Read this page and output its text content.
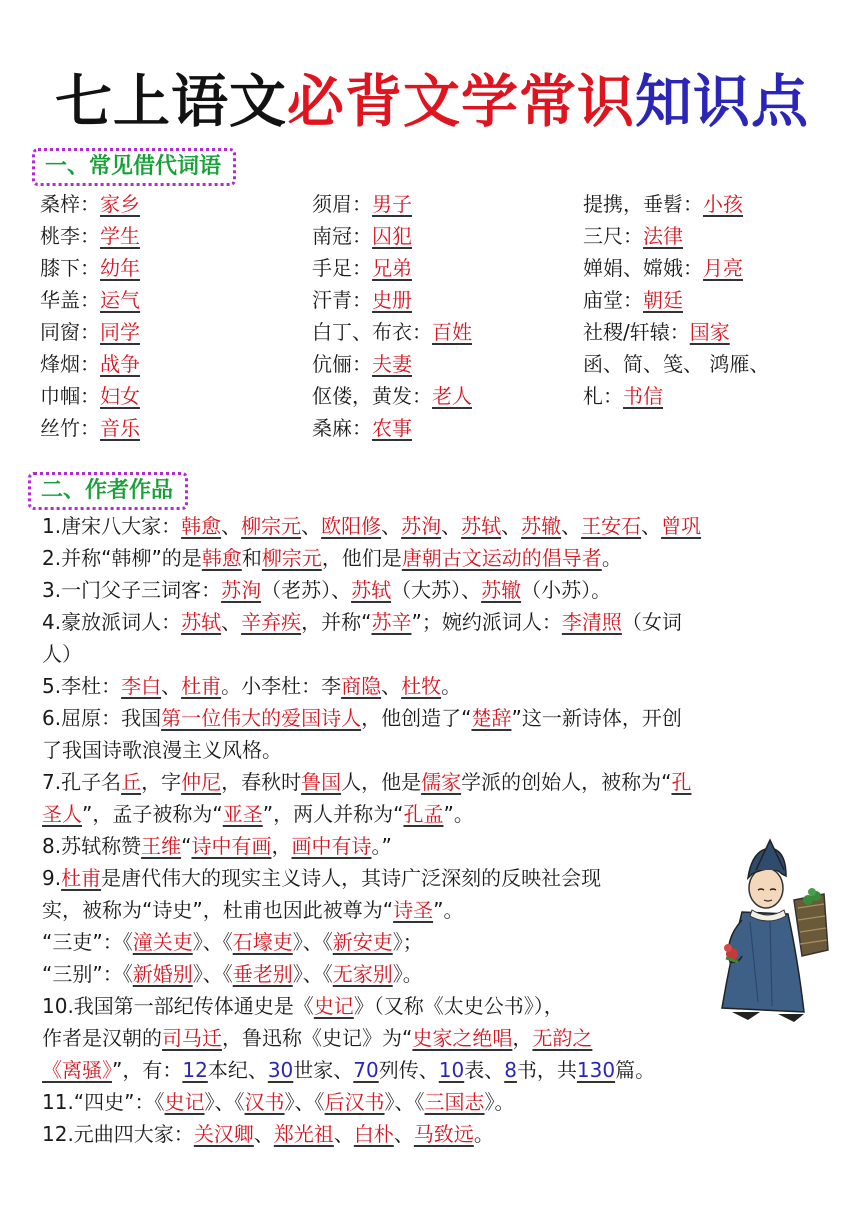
七上语文必背文学常识知识点
一、常见借代词语
二、作者作品
桑梓：家乡
桃李：学生
膝下：幼年
华盖：运气
同窗：同学
烽烟：战争
巾帼：妇女
丝竹：音乐
须眉：男子
南冠：囚犯
手足：兄弟
汗青：史册
白丁、布衣：百姓
伉俪：夫妻
伛偻，黄发：老人
桑麻：农事
提携，垂髫：小孩
三尺：法律
婵娟、嫦娥：月亮
庙堂：朝廷
社稷/轩辕：国家
函、简、笺、 鸿雁、
札：书信
1.唐宋八大家：韩愈、柳宗元、欧阳修、苏洵、苏轼、苏辙、王安石、曾巩
2.并称“韩柳”的是韩愈和柳宗元，他们是唐朝古文运动的倡导者。
3.一门父子三词客：苏洵（老苏）、苏轼（大苏）、苏辙（小苏）。
4.豪放派词人：苏轼、辛弃疾，并称“苏辛”；婉约派词人：李清照（女词
人）
5.李杜：李白、杜甫。小李杜：李商隐、杜牧。
6.屈原：我国第一位伟大的爱国诗人，他创造了“楚辞”这一新诗体，开创
了我国诗歌浪漫主义风格。
7.孔子名丘，字仲尼，春秋时鲁国人，他是儒家学派的创始人，被称为“孔
圣人”，孟子被称为“亚圣”，两人并称为“孔孟”。
8.苏轼称赞王维“诗中有画，画中有诗。”
9.杜甫是唐代伟大的现实主义诗人，其诗广泛深刻的反映社会现
实，被称为“诗史”，杜甫也因此被尊为“诗圣”。
“三吏”：《潼关吏》、《石壕吏》、《新安吏》；
“三别”：《新婚别》、《垂老别》、《无家别》。
10.我国第一部纪传体通史是《史记》（又称《太史公书》），
作者是汉朝的司马迁，鲁迅称《史记》为“史家之绝唱，无韵之
《离骚》”，有：12本纪、30世家、70列传、10表、8书，共130篇。
11.“四史”：《史记》、《汉书》、《后汉书》、《三国志》。
12.元曲四大家：关汉卿、郑光祖、白朴、马致远。
